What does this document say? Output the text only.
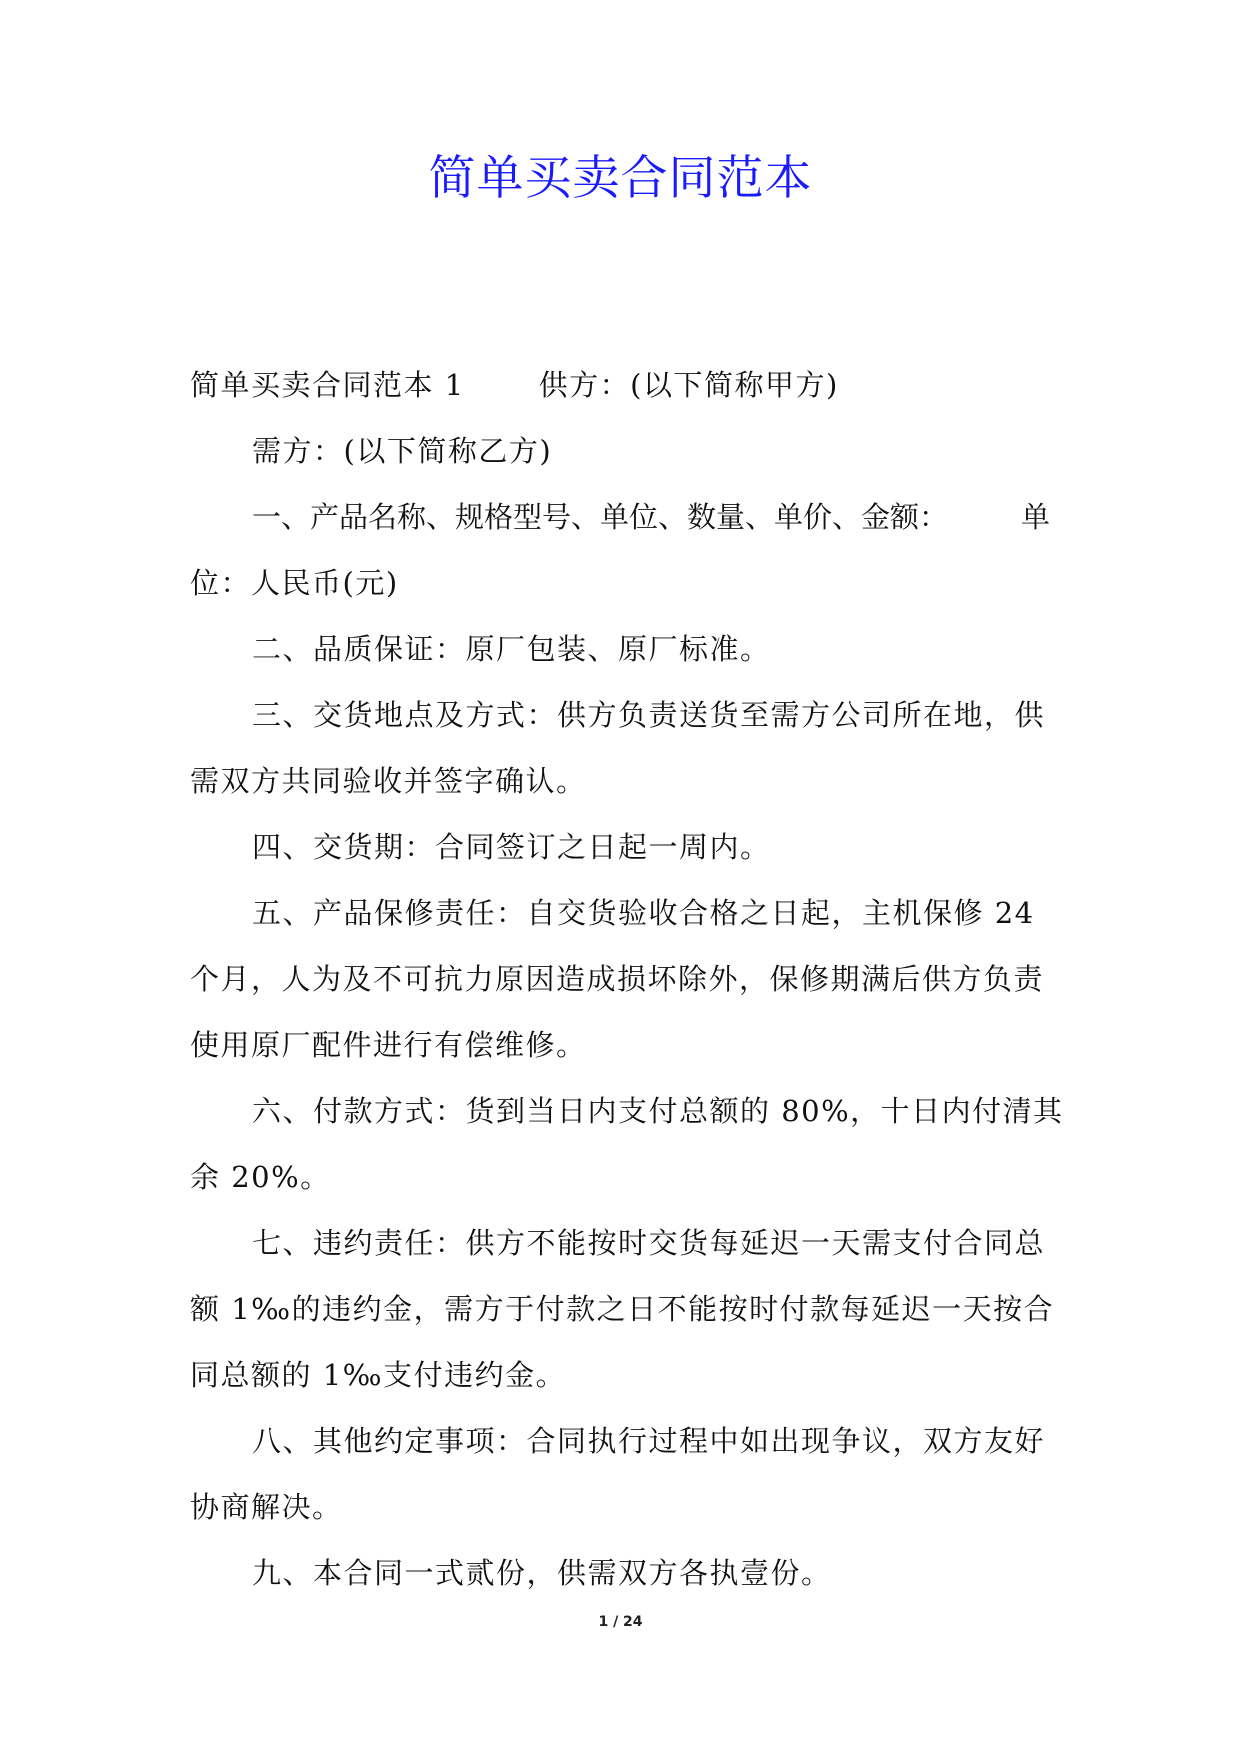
简单买卖合同范本

简单买卖合同范本 1	供方：(以下简称甲方)

需方：(以下简称乙方)

一、产品名称、规格型号、单位、数量、单价、金额：	单

位：人民币(元)

二、品质保证：原厂包装、原厂标准。

三、交货地点及方式：供方负责送货至需方公司所在地，供

需双方共同验收并签字确认。

四、交货期：合同签订之日起一周内。

五、产品保修责任：自交货验收合格之日起，主机保修 24

个月，人为及不可抗力原因造成损坏除外，保修期满后供方负责

使用原厂配件进行有偿维修。

六、付款方式：货到当日内支付总额的 80%，十日内付清其

余 20%。

七、违约责任：供方不能按时交货每延迟一天需支付合同总

额 1‰的违约金，需方于付款之日不能按时付款每延迟一天按合

同总额的 1‰支付违约金。

八、其他约定事项：合同执行过程中如出现争议，双方友好

协商解决。

九、本合同一式贰份，供需双方各执壹份。

1 / 24
